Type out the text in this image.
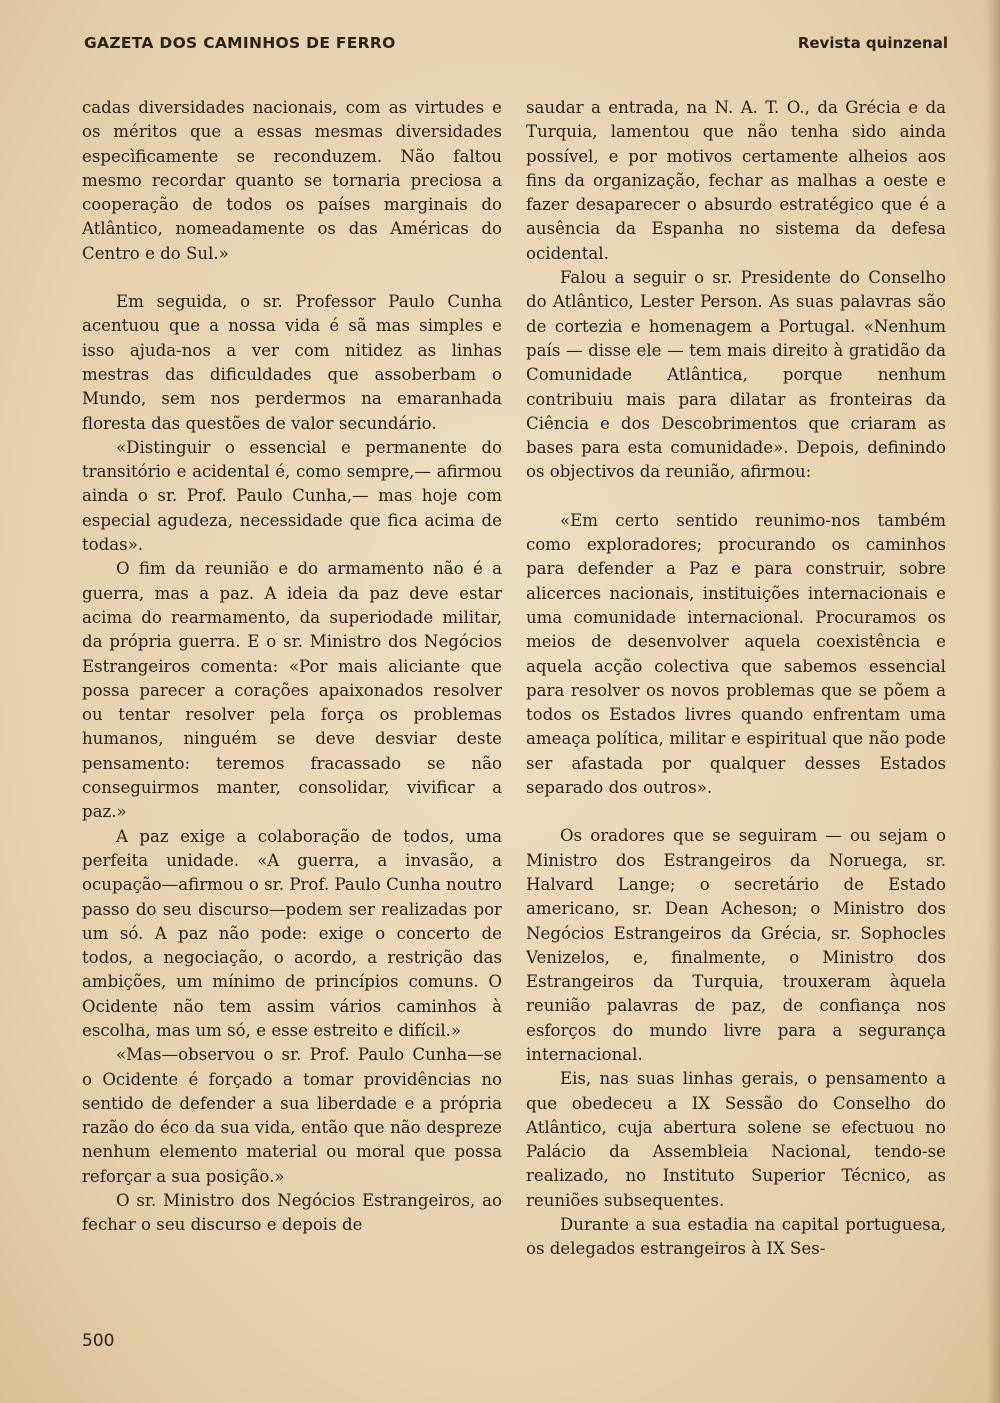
GAZETA DOS CAMINHOS DE FERRO	Revista quinzenal

cadas diversidades nacionais, com as virtudes e os méritos que a essas mesmas diversidades especìficamente se reconduzem. Não faltou mesmo recordar quanto se tornaria preciosa a cooperação de todos os países marginais do Atlântico, nomeadamente os das Américas do Centro e do Sul.»

Em seguida, o sr. Professor Paulo Cunha acentuou que a nossa vida é sã mas simples e isso ajuda-nos a ver com nitidez as linhas mestras das dificuldades que assoberbam o Mundo, sem nos perdermos na emaranhada floresta das questões de valor secundário.

«Distinguir o essencial e permanente do transitório e acidental é, como sempre,— afirmou ainda o sr. Prof. Paulo Cunha,— mas hoje com especial agudeza, necessidade que fica acima de todas».

O fim da reunião e do armamento não é a guerra, mas a paz. A ideia da paz deve estar acima do rearmamento, da superiodade militar, da própria guerra. E o sr. Ministro dos Negócios Estrangeiros comenta: «Por mais aliciante que possa parecer a corações apaixonados resolver ou tentar resolver pela força os problemas humanos, ninguém se deve desviar deste pensamento: teremos fracassado se não conseguirmos manter, consolidar, vivificar a paz.»

A paz exige a colaboração de todos, uma perfeita unidade. «A guerra, a invasão, a ocupação—afirmou o sr. Prof. Paulo Cunha noutro passo do seu discurso—podem ser realizadas por um só. A paz não pode: exige o concerto de todos, a negociação, o acordo, a restrição das ambições, um mínimo de princípios comuns. O Ocidente não tem assim vários caminhos à escolha, mas um só, e esse estreito e difícil.»

«Mas—observou o sr. Prof. Paulo Cunha—se o Ocidente é forçado a tomar providências no sentido de defender a sua liberdade e a própria razão do éco da sua vida, então que não despreze nenhum elemento material ou moral que possa reforçar a sua posição.»

O sr. Ministro dos Negócios Estrangeiros, ao fechar o seu discurso e depois de

saudar a entrada, na N. A. T. O., da Grécia e da Turquia, lamentou que não tenha sido ainda possível, e por motivos certamente alheios aos fins da organização, fechar as malhas a oeste e fazer desaparecer o absurdo estratégico que é a ausência da Espanha no sistema da defesa ocidental.

Falou a seguir o sr. Presidente do Conselho do Atlântico, Lester Person. As suas palavras são de cortezia e homenagem a Portugal. «Nenhum país — disse ele — tem mais direito à gratidão da Comunidade Atlântica, porque nenhum contribuiu mais para dilatar as fronteiras da Ciência e dos Descobrimentos que criaram as bases para esta comunidade». Depois, definindo os objectivos da reunião, afirmou:

«Em certo sentido reunimo-nos também como exploradores; procurando os caminhos para defender a Paz e para construir, sobre alicerces nacionais, instituições internacionais e uma comunidade internacional. Procuramos os meios de desenvolver aquela coexistência e aquela acção colectiva que sabemos essencial para resolver os novos problemas que se põem a todos os Estados livres quando enfrentam uma ameaça política, militar e espiritual que não pode ser afastada por qualquer desses Estados separado dos outros».

Os oradores que se seguiram — ou sejam o Ministro dos Estrangeiros da Noruega, sr. Halvard Lange; o secretário de Estado americano, sr. Dean Acheson; o Ministro dos Negócios Estrangeiros da Grécia, sr. Sophocles Venizelos, e, finalmente, o Ministro dos Estrangeiros da Turquia, trouxeram àquela reunião palavras de paz, de confiança nos esforços do mundo livre para a segurança internacional.

Eis, nas suas linhas gerais, o pensamento a que obedeceu a IX Sessão do Conselho do Atlântico, cuja abertura solene se efectuou no Palácio da Assembleia Nacional, tendo-se realizado, no Instituto Superior Técnico, as reuniões subsequentes.

Durante a sua estadia na capital portuguesa, os delegados estrangeiros à IX Ses-

500
